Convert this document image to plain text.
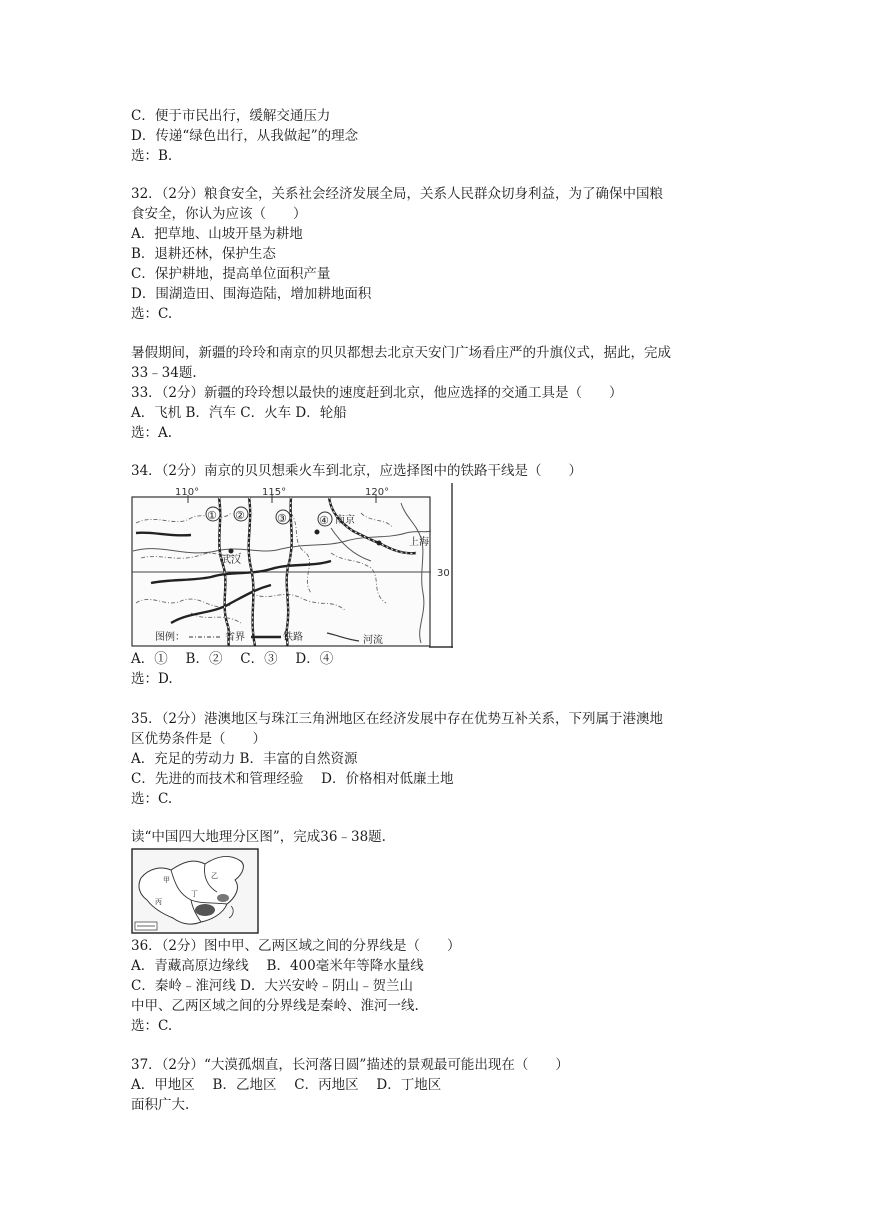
C．便于市民出行，缓解交通压力
D．传递“绿色出行，从我做起”的理念
选：B.
32．（2分）粮食安全，关系社会经济发展全局，关系人民群众切身利益，为了确保中国粮
食安全，你认为应该（　　）
A．把草地、山坡开垦为耕地
B．退耕还林，保护生态
C．保护耕地，提高单位面积产量
D．围湖造田、围海造陆，增加耕地面积
选：C.
暑假期间，新疆的玲玲和南京的贝贝都想去北京天安门广场看庄严的升旗仪式，据此，完成
33﹣34题.
33．（2分）新疆的玲玲想以最快的速度赶到北京，他应选择的交通工具是（　　）
A．飞机 B．汽车 C．火车 D．轮船
选：A.
34．（2分）南京的贝贝想乘火车到北京，应选择图中的铁路干线是（　　）
110°	115°	120°
30
① ②	③	④ 南京
武汉
上海
图例：	省界	铁路	河流
A．①　 B．②　 C．③　 D．④
选：D.
35．（2分）港澳地区与珠江三角洲地区在经济发展中存在优势互补关系，下列属于港澳地
区优势条件是（　　）
A．充足的劳动力 B．丰富的自然资源
C．先进的而技术和管理经验　 D．价格相对低廉土地
选：C.
读“中国四大地理分区图”，完成36﹣38题.
甲	乙
丙
丁
36．（2分）图中甲、乙两区域之间的分界线是（　　）
A．青藏高原边缘线　 B．400毫米年等降水量线
C．秦岭﹣淮河线 D．大兴安岭﹣阴山﹣贺兰山
中甲、乙两区域之间的分界线是秦岭、淮河一线.
选：C.
37．（2分）“大漠孤烟直，长河落日圆”描述的景观最可能出现在（　　）
A．甲地区　 B．乙地区　 C．丙地区　 D．丁地区
面积广大.
